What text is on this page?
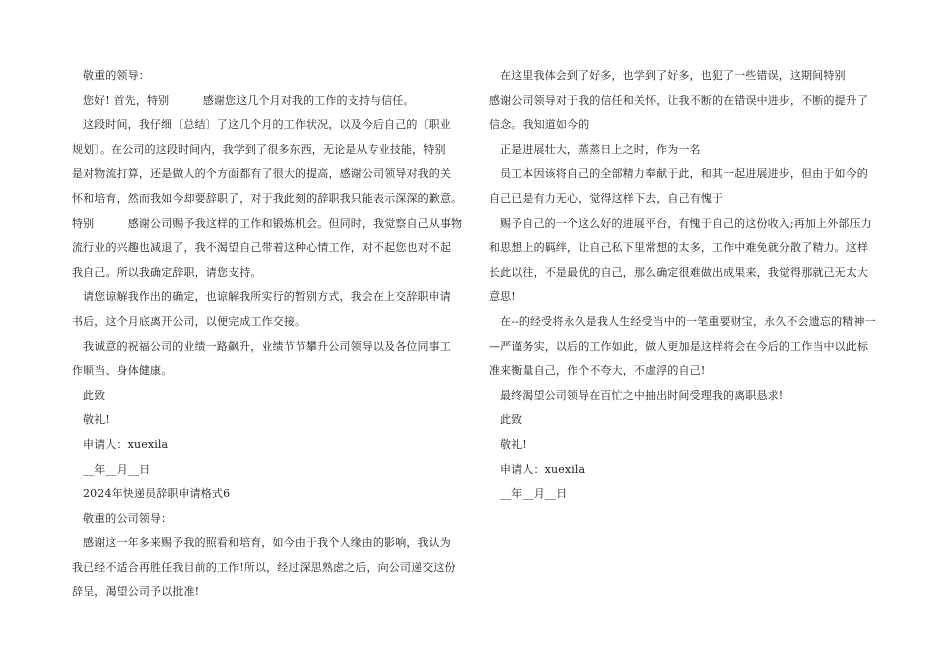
敬重的领导：
您好! 首先，特别　　　感谢您这几个月对我的工作的支持与信任。
这段时间，我仔细〔总结〕了这几个月的工作状况，以及今后自己的〔职业
规划〕。在公司的这段时间内，我学到了很多东西，无论是从专业技能，特别
是对物流打算，还是做人的个方面都有了很大的提高，感谢公司领导对我的关
怀和培育，然而我如今却要辞职了，对于我此刻的辞职我只能表示深深的歉意。
特别　　　感谢公司赐予我这样的工作和锻炼机会。但同时，我觉察自己从事物
流行业的兴趣也减退了，我不渴望自己带着这种心情工作，对不起您也对不起
我自己。所以我确定辞职，请您支持。
请您谅解我作出的确定，也谅解我所实行的暂别方式，我会在上交辞职申请
书后，这个月底离开公司，以便完成工作交接。
我诚意的祝福公司的业绩一路飙升，业绩节节攀升公司领导以及各位同事工
作顺当、身体健康。
此致
敬礼!
申请人：xuexila
__年__月__日
2024年快递员辞职申请格式6
敬重的公司领导：
感谢这一年多来赐予我的照看和培育，如今由于我个人缘由的影响，我认为
我已经不适合再胜任我目前的工作!所以，经过深思熟虑之后，向公司递交这份
辞呈，渴望公司予以批准!
在这里我体会到了好多，也学到了好多，也犯了一些错误，这期间特别
感谢公司领导对于我的信任和关怀，让我不断的在错误中进步，不断的提升了
信念。我知道如今的
正是进展壮大，蒸蒸日上之时，作为一名
员工本因该将自己的全部精力奉献于此，和其一起进展进步，但由于如今的
自己已是有力无心，觉得这样下去，自己有愧于
赐予自己的一个这么好的进展平台，有愧于自己的这份收入;再加上外部压力
和思想上的羁绊，让自己私下里常想的太多，工作中难免就分散了精力。这样
长此以往，不是最优的自己，那么确定很难做出成果来，我觉得那就己无太大
意思!
在--的经受将永久是我人生经受当中的一笔重要财宝，永久不会遗忘的精神一
—严谨务实，以后的工作如此，做人更加是这样将会在今后的工作当中以此标
准来衡量自己，作个不夸大，不虚浮的自己!
最终渴望公司领导在百忙之中抽出时间受理我的离职恳求!
此致
敬礼!
申请人：xuexila
__年__月__日
